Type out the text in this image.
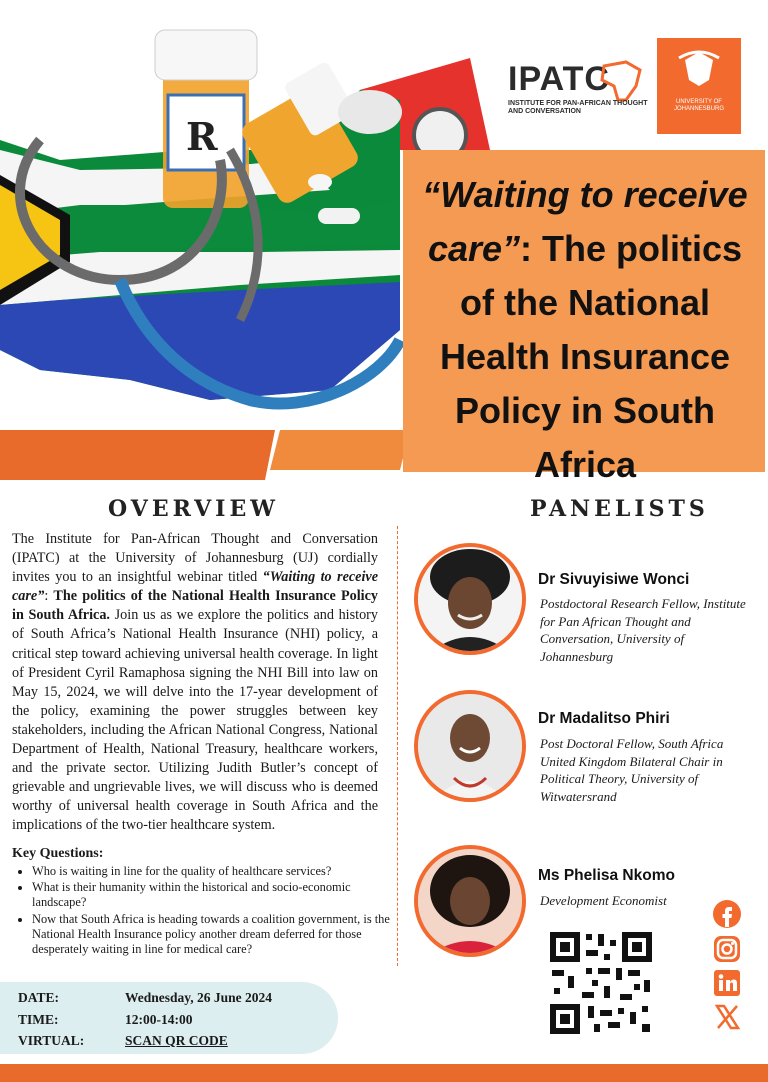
R
IPATC
INSTITUTE FOR PAN-AFRICAN THOUGHT AND CONVERSATION
UNIVERSITY OF JOHANNESBURG
“Waiting to receive care”: The politics of the National Health Insurance Policy in South Africa
OVERVIEW
The Institute for Pan-African Thought and Conversation (IPATC) at the University of Johannesburg (UJ) cordially invites you to an insightful webinar titled “Waiting to receive care”: The politics of the National Health Insurance Policy in South Africa. Join us as we explore the politics and history of South Africa’s National Health Insurance (NHI) policy, a critical step toward achieving universal health coverage. In light of President Cyril Ramaphosa signing the NHI Bill into law on May 15, 2024, we will delve into the 17-year development of the policy, examining the power struggles between key stakeholders, including the African National Congress, National Department of Health, National Treasury, healthcare workers, and the private sector. Utilizing Judith Butler’s concept of grievable and ungrievable lives, we will discuss who is deemed worthy of universal health coverage in South Africa and the implications of the two-tier healthcare system.
Key Questions:
• Who is waiting in line for the quality of healthcare services?
• What is their humanity within the historical and socio-economic landscape?
• Now that South Africa is heading towards a coalition government, is the National Health Insurance policy another dream deferred for those desperately waiting in line for medical care?
DATE:	Wednesday, 26 June 2024
TIME:	12:00-14:00
VIRTUAL:	SCAN QR CODE
PANELISTS
Dr Sivuyisiwe Wonci
Postdoctoral Research Fellow, Institute for Pan African Thought and Conversation, University of Johannesburg
Dr Madalitso Phiri
Post Doctoral Fellow, South Africa United Kingdom Bilateral Chair in Political Theory, University of Witwatersrand
Ms Phelisa Nkomo
Development Economist
